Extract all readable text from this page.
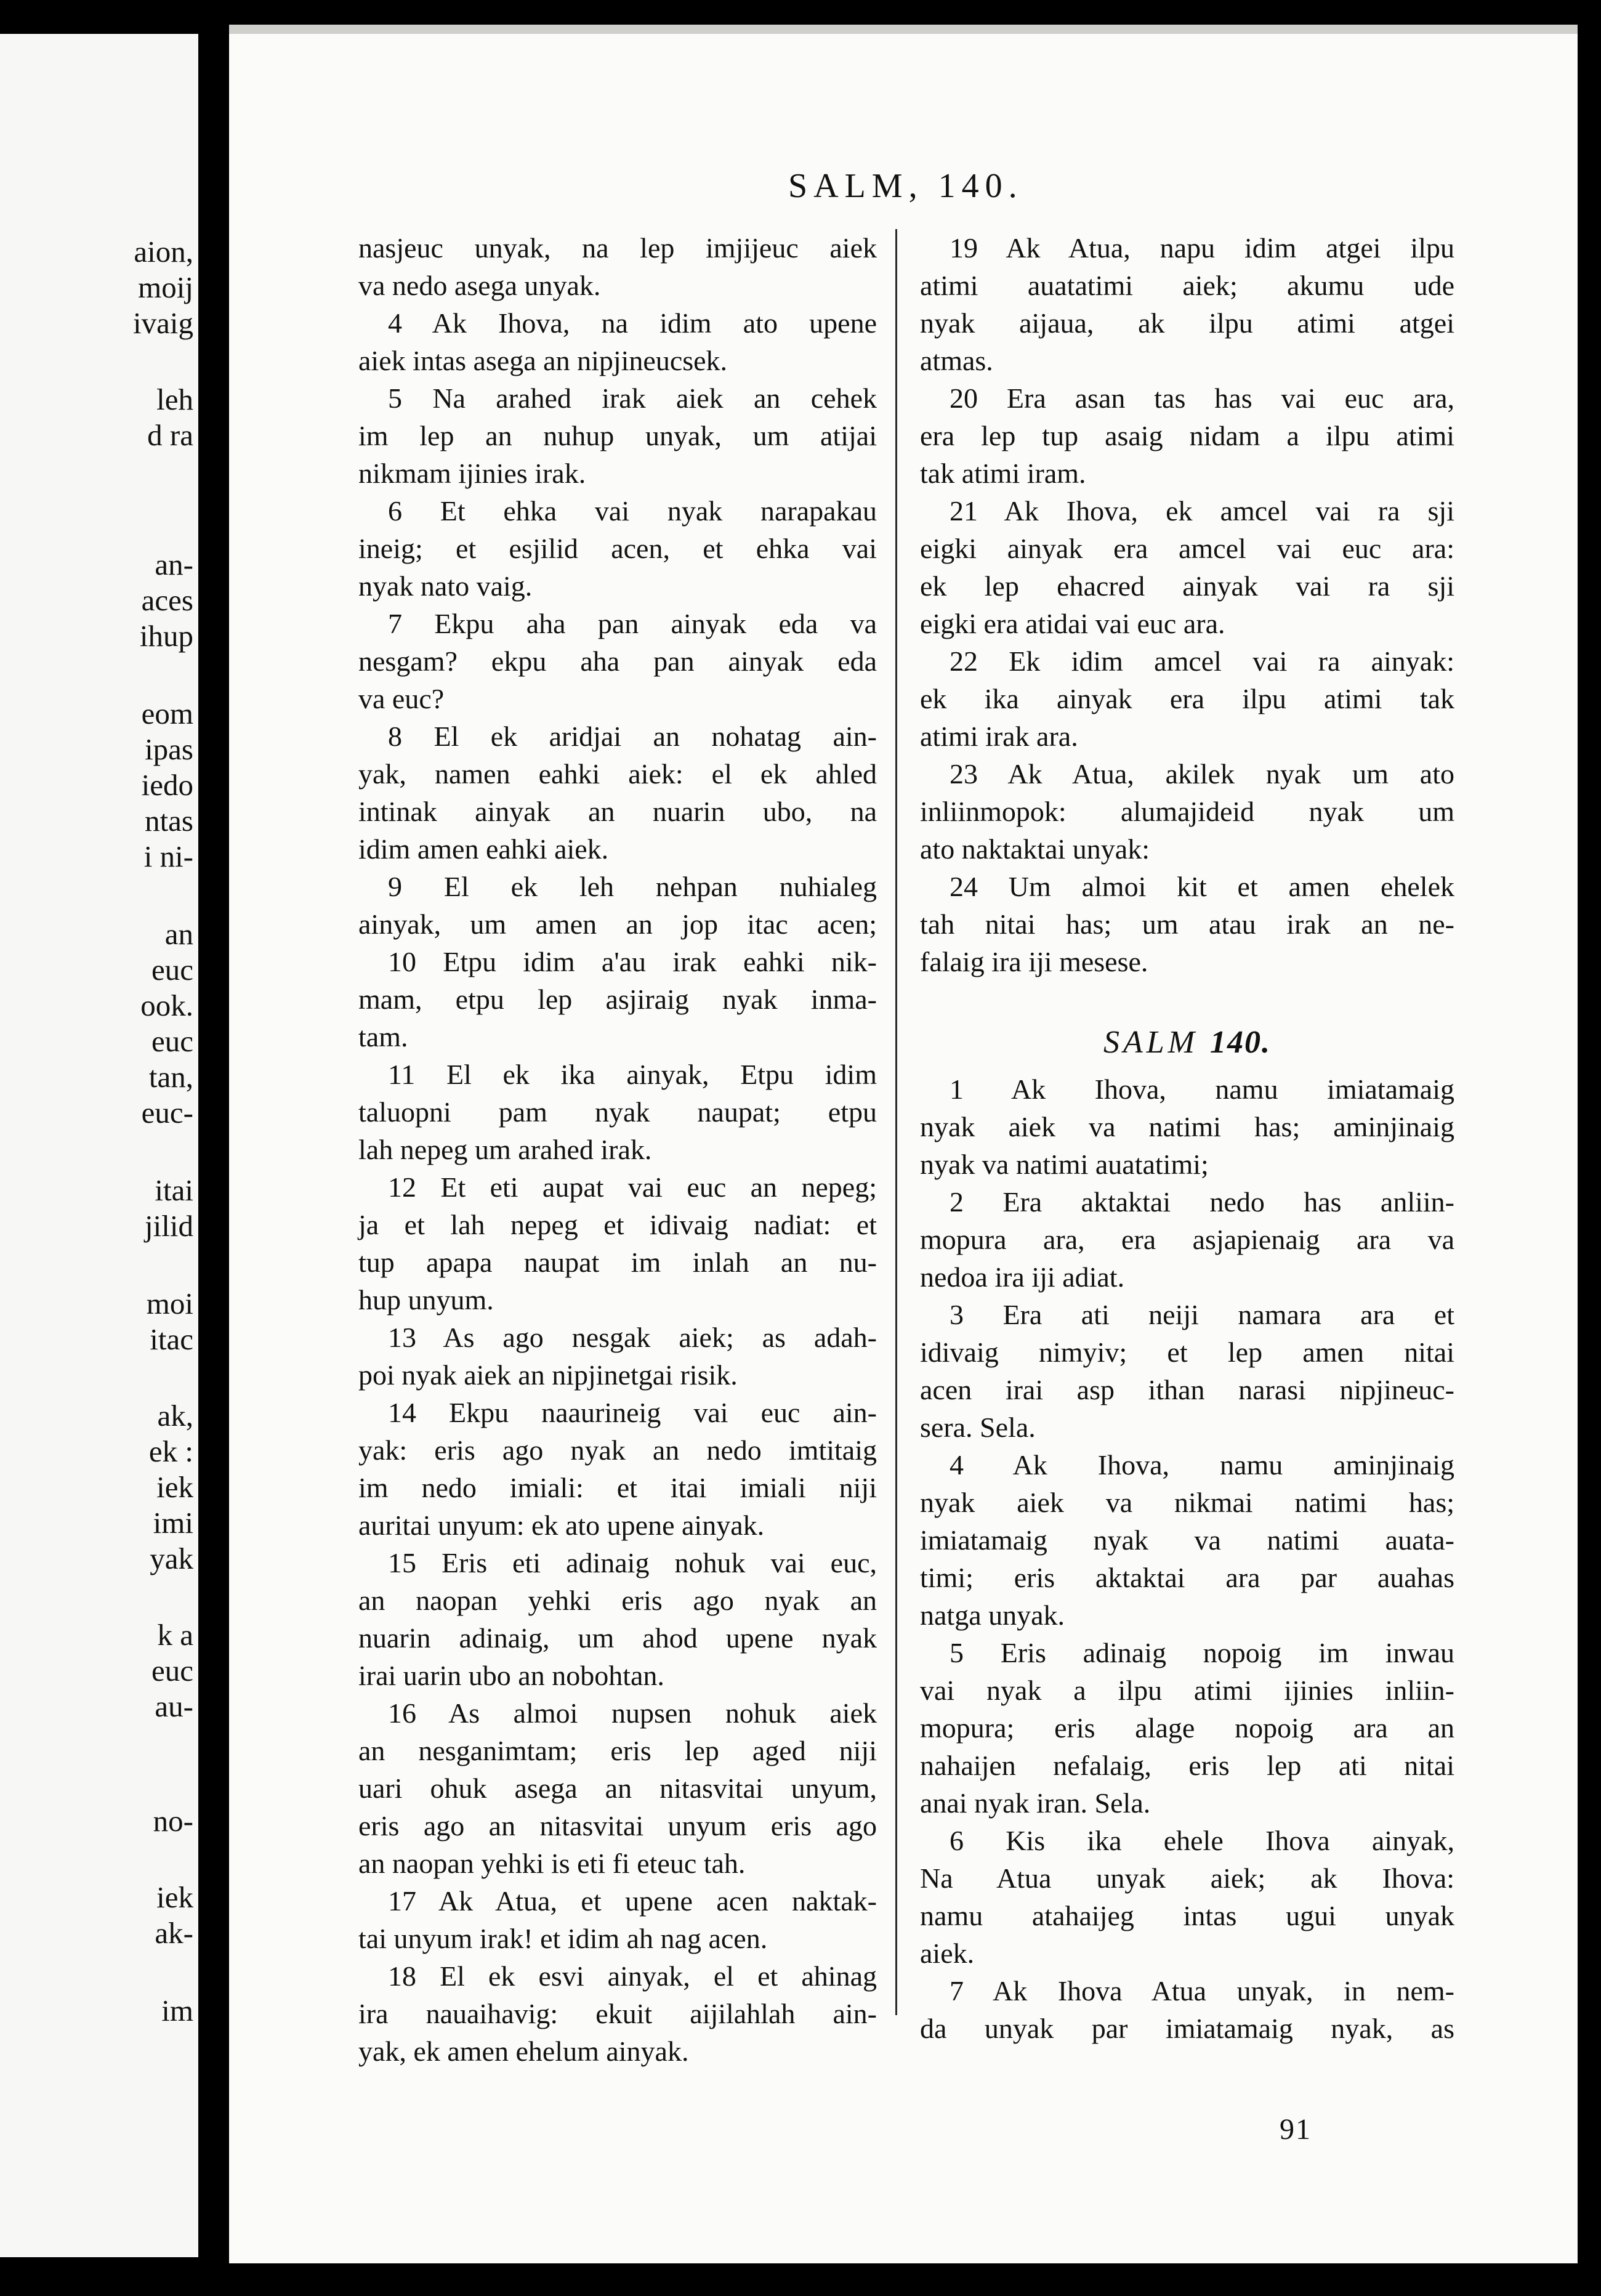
aion,
moij
ivaig
leh
d ra
an-
aces
ihup
eom
ipas
iedo
ntas
i ni-
an
euc
ook.
euc
tan,
euc-
itai
jilid
moi
itac
ak,
ek :
iek
imi
yak
k a
euc
au-
no-
iek
ak-
im
SALM, 140.
nasjeuc unyak, na lep imjijeuc aiek
va nedo asega unyak.
4 Ak Ihova, na idim ato upene
aiek intas asega an nipjineucsek.
5 Na arahed irak aiek an cehek
im lep an nuhup unyak, um atijai
nikmam ijinies irak.
6 Et ehka vai nyak narapakau
ineig; et esjilid acen, et ehka vai
nyak nato vaig.
7 Ekpu aha pan ainyak eda va
nesgam? ekpu aha pan ainyak eda
va euc?
8 El ek aridjai an nohatag ain-
yak, namen eahki aiek: el ek ahled
intinak ainyak an nuarin ubo, na
idim amen eahki aiek.
9 El ek leh nehpan nuhialeg
ainyak, um amen an jop itac acen;
10 Etpu idim a'au irak eahki nik-
mam, etpu lep asjiraig nyak inma-
tam.
11 El ek ika ainyak, Etpu idim
taluopni pam nyak naupat; etpu
lah nepeg um arahed irak.
12 Et eti aupat vai euc an nepeg;
ja et lah nepeg et idivaig nadiat: et
tup apapa naupat im inlah an nu-
hup unyum.
13 As ago nesgak aiek; as adah-
poi nyak aiek an nipjinetgai risik.
14 Ekpu naaurineig vai euc ain-
yak: eris ago nyak an nedo imtitaig
im nedo imiali: et itai imiali niji
auritai unyum: ek ato upene ainyak.
15 Eris eti adinaig nohuk vai euc,
an naopan yehki eris ago nyak an
nuarin adinaig, um ahod upene nyak
irai uarin ubo an nobohtan.
16 As almoi nupsen nohuk aiek
an nesganimtam; eris lep aged niji
uari ohuk asega an nitasvitai unyum,
eris ago an nitasvitai unyum eris ago
an naopan yehki is eti fi eteuc tah.
17 Ak Atua, et upene acen naktak-
tai unyum irak! et idim ah nag acen.
18 El ek esvi ainyak, el et ahinag
ira nauaihavig: ekuit aijilahlah ain-
yak, ek amen ehelum ainyak.
19 Ak Atua, napu idim atgei ilpu
atimi auatatimi aiek; akumu ude
nyak aijaua, ak ilpu atimi atgei
atmas.
20 Era asan tas has vai euc ara,
era lep tup asaig nidam a ilpu atimi
tak atimi iram.
21 Ak Ihova, ek amcel vai ra sji
eigki ainyak era amcel vai euc ara:
ek lep ehacred ainyak vai ra sji
eigki era atidai vai euc ara.
22 Ek idim amcel vai ra ainyak:
ek ika ainyak era ilpu atimi tak
atimi irak ara.
23 Ak Atua, akilek nyak um ato
inliinmopok: alumajideid nyak um
ato naktaktai unyak:
24 Um almoi kit et amen ehelek
tah nitai has; um atau irak an ne-
falaig ira iji mesese.
SALM 140.
1 Ak Ihova, namu imiatamaig
nyak aiek va natimi has; aminjinaig
nyak va natimi auatatimi;
2 Era aktaktai nedo has anliin-
mopura ara, era asjapienaig ara va
nedoa ira iji adiat.
3 Era ati neiji namara ara et
idivaig nimyiv; et lep amen nitai
acen irai asp ithan narasi nipjineuc-
sera. Sela.
4 Ak Ihova, namu aminjinaig
nyak aiek va nikmai natimi has;
imiatamaig nyak va natimi auata-
timi; eris aktaktai ara par auahas
natga unyak.
5 Eris adinaig nopoig im inwau
vai nyak a ilpu atimi ijinies inliin-
mopura; eris alage nopoig ara an
nahaijen nefalaig, eris lep ati nitai
anai nyak iran. Sela.
6 Kis ika ehele Ihova ainyak,
Na Atua unyak aiek; ak Ihova:
namu atahaijeg intas ugui unyak
aiek.
7 Ak Ihova Atua unyak, in nem-
da unyak par imiatamaig nyak, as
91
